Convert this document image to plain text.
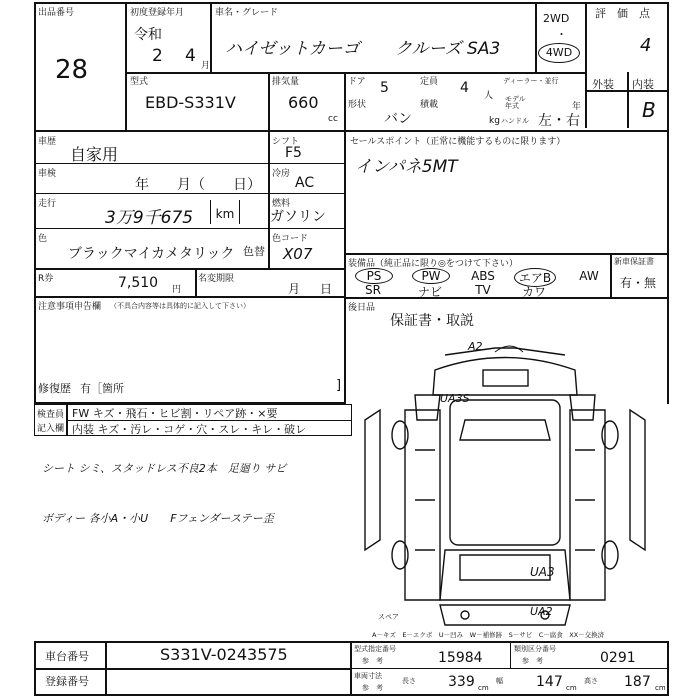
出品番号
28
初度登録年月
令和
2 4 月
車名・グレード
ハイゼットカーゴ クルーズ SA3
2WD
・
4WD
評　価　点
4
外装 内装
B
型式
EBD-S331V
排気量
660
cc
ドア 5	定員 4 人
ディーラー・並行
モデル年式	年
形状
バン
積載
kg ハンドル 左・右
車歴
自家用
シフト
F5
車検
年　　月（　　日）
冷房
AC
走行
3万9千675	km
燃料
ガソリン
色
ブラックマイカメタリック 色替
色コード
X07
R券	7,510 円
名変期限
月 日
セールスポイント（正常に機能するものに限ります）
インパネ5MT
装備品（純正品に限り◎をつけて下さい）
PS	PW	ABS	エアB	AW
SR	ナビ	TV	カワ
新車保証書
有・無
後日品
保証書・取説
注意事項申告欄 （不具合内容等は具体的に記入して下さい）
修復歴 有［箇所	]
検査員
記入欄
FW キズ・飛石・ヒビ割・リペア跡・×要
内装 キズ・汚レ・コゲ・穴・スレ・キレ・破レ
シート シミ、スタッドレス不良2本　足廻り サビ
ボディー 各小A・小U　　Fフェンダーステー歪
A2
UA3S
UA3
UA2
スペア
A－キズ　E－エクボ　U－凹み　W－補修跡　S－サビ　C－腐食　XX－交換済
車台番号	S331V-0243575
登録番号
型式指定番号
参　考	15984
類別区分番号
参　考	0291
車両寸法
参　考
長さ 339 cm
幅 147 cm
高さ 187 cm
